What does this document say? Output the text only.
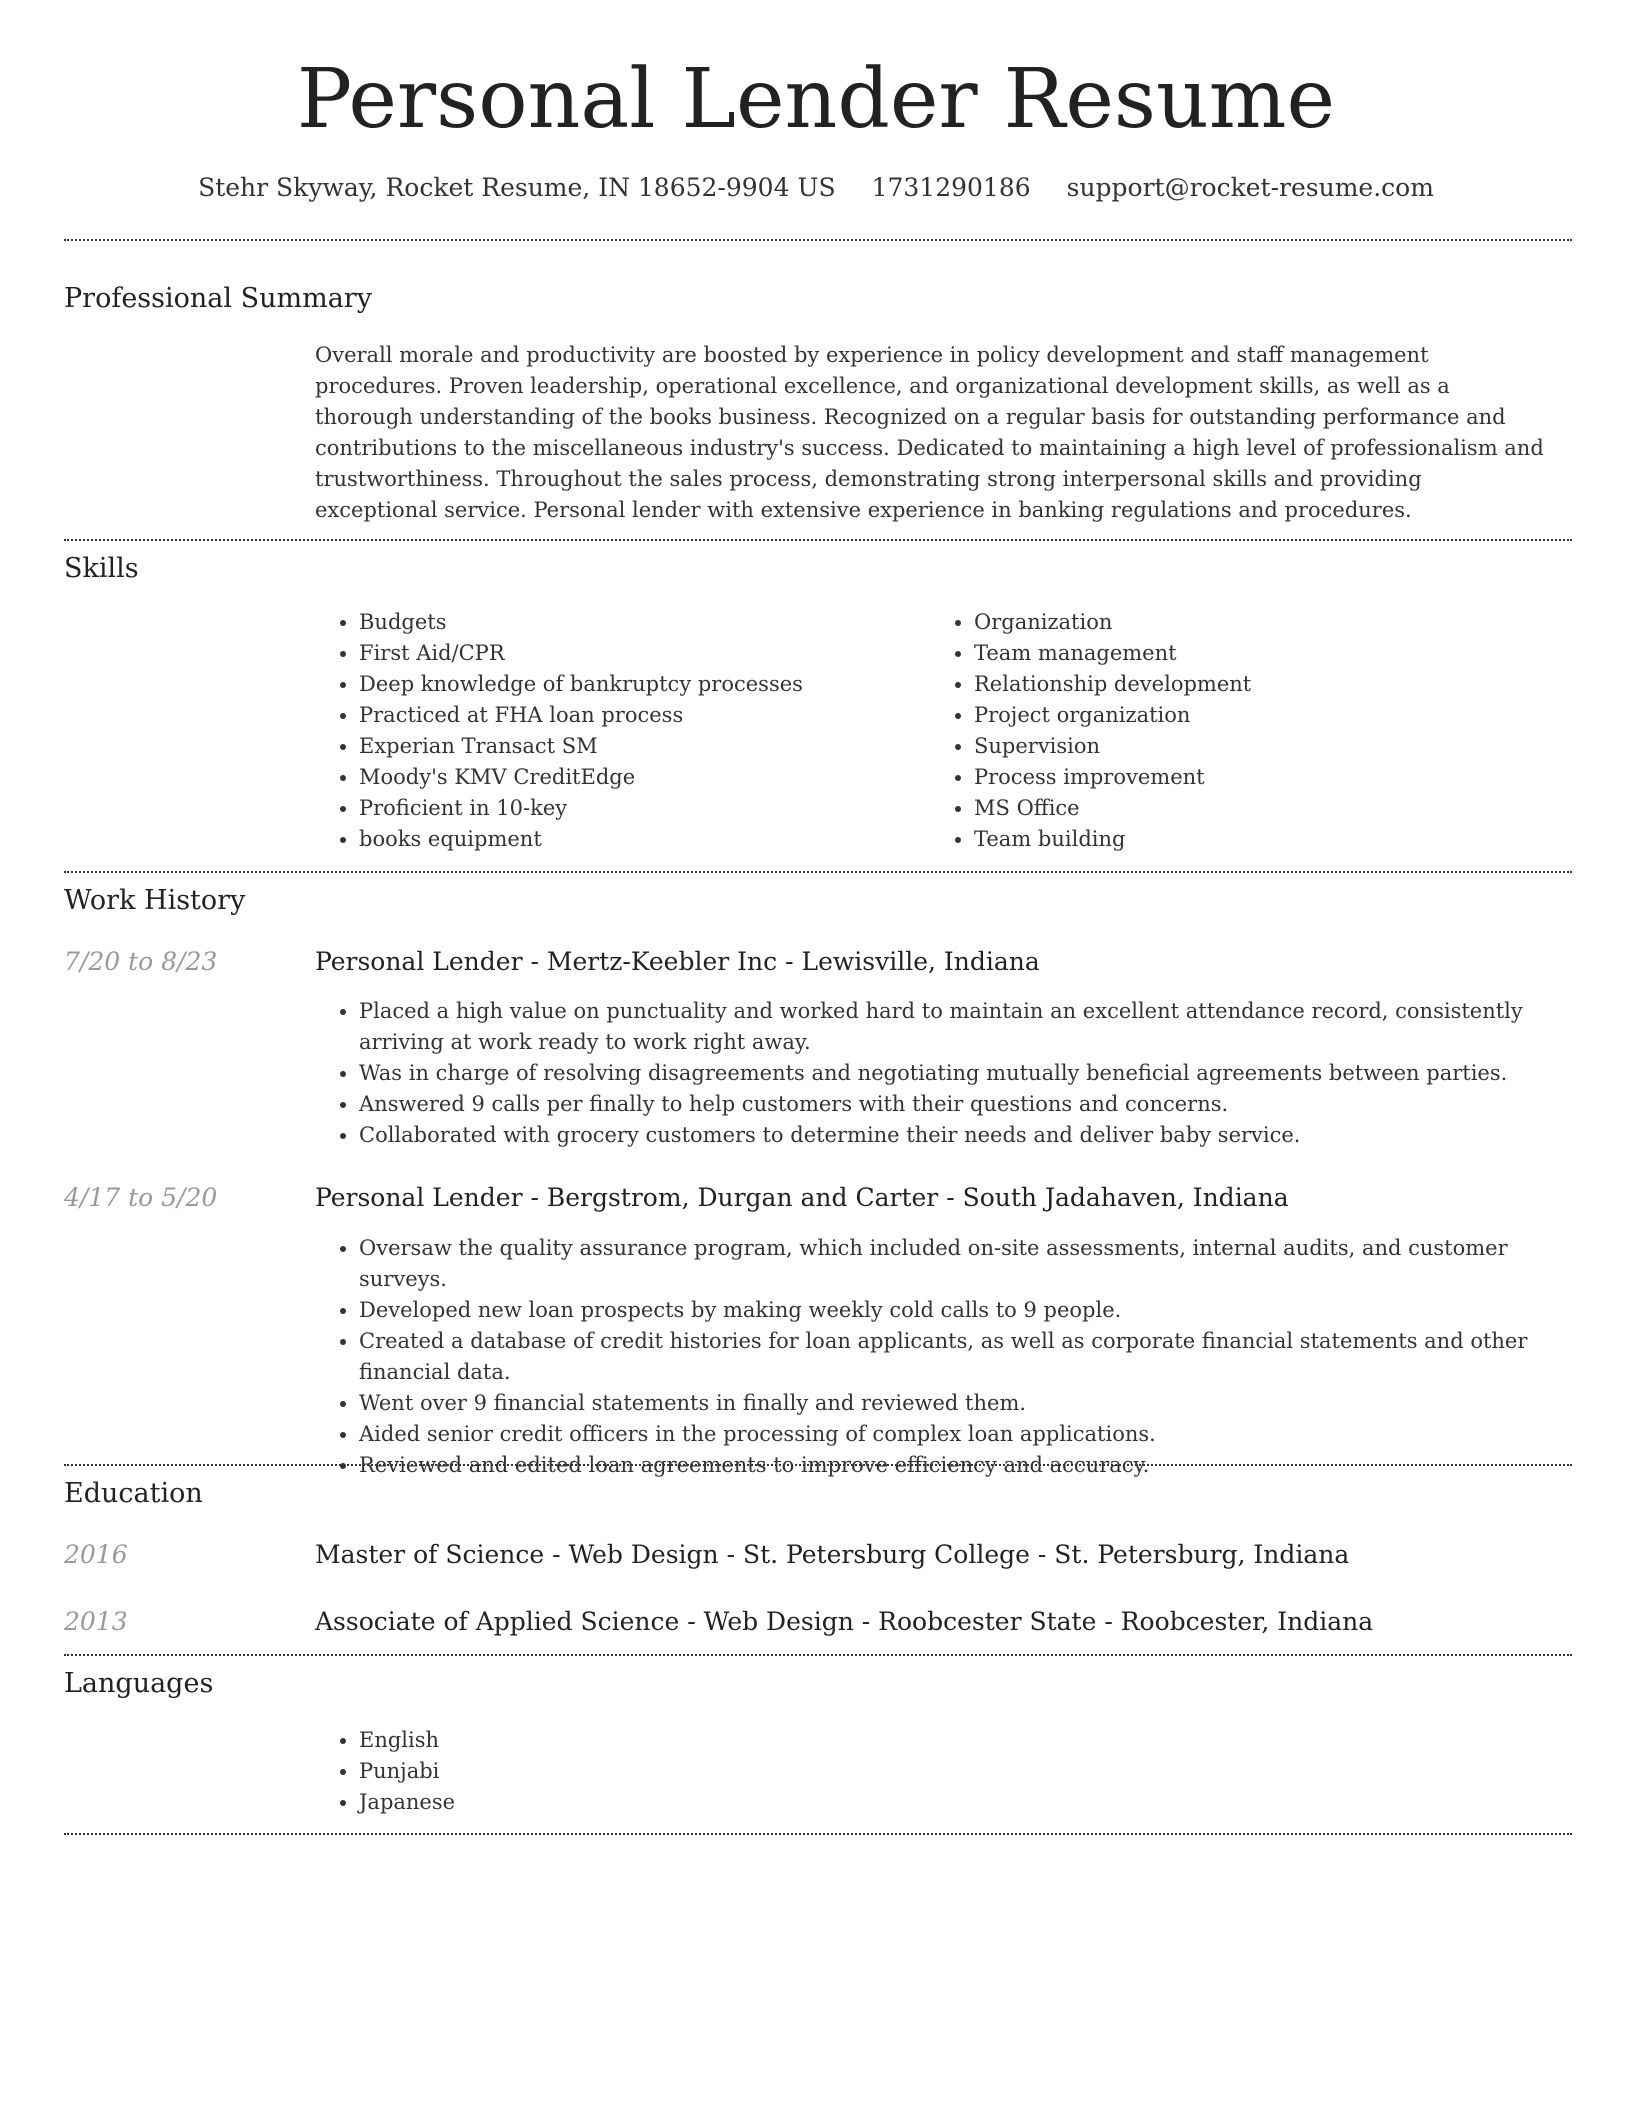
Personal Lender Resume
Stehr Skyway, Rocket Resume, IN 18652-9904 US 1731290186 support@rocket-resume.com
Professional Summary
Overall morale and productivity are boosted by experience in policy development and staff management procedures. Proven leadership, operational excellence, and organizational development skills, as well as a thorough understanding of the books business. Recognized on a regular basis for outstanding performance and contributions to the miscellaneous industry's success. Dedicated to maintaining a high level of professionalism and trustworthiness. Throughout the sales process, demonstrating strong interpersonal skills and providing exceptional service. Personal lender with extensive experience in banking regulations and procedures.
Skills
• Budgets
• First Aid/CPR
• Deep knowledge of bankruptcy processes
• Practiced at FHA loan process
• Experian Transact SM
• Moody's KMV CreditEdge
• Proficient in 10-key
• books equipment
• Organization
• Team management
• Relationship development
• Project organization
• Supervision
• Process improvement
• MS Office
• Team building
Work History
7/20 to 8/23	Personal Lender - Mertz-Keebler Inc - Lewisville, Indiana
• Placed a high value on punctuality and worked hard to maintain an excellent attendance record, consistently arriving at work ready to work right away.
• Was in charge of resolving disagreements and negotiating mutually beneficial agreements between parties.
• Answered 9 calls per finally to help customers with their questions and concerns.
• Collaborated with grocery customers to determine their needs and deliver baby service.
4/17 to 5/20	Personal Lender - Bergstrom, Durgan and Carter - South Jadahaven, Indiana
• Oversaw the quality assurance program, which included on-site assessments, internal audits, and customer surveys.
• Developed new loan prospects by making weekly cold calls to 9 people.
• Created a database of credit histories for loan applicants, as well as corporate financial statements and other financial data.
• Went over 9 financial statements in finally and reviewed them.
• Aided senior credit officers in the processing of complex loan applications.
• Reviewed and edited loan agreements to improve efficiency and accuracy.
Education
2016	Master of Science - Web Design - St. Petersburg College - St. Petersburg, Indiana
2013	Associate of Applied Science - Web Design - Roobcester State - Roobcester, Indiana
Languages
• English
• Punjabi
• Japanese
